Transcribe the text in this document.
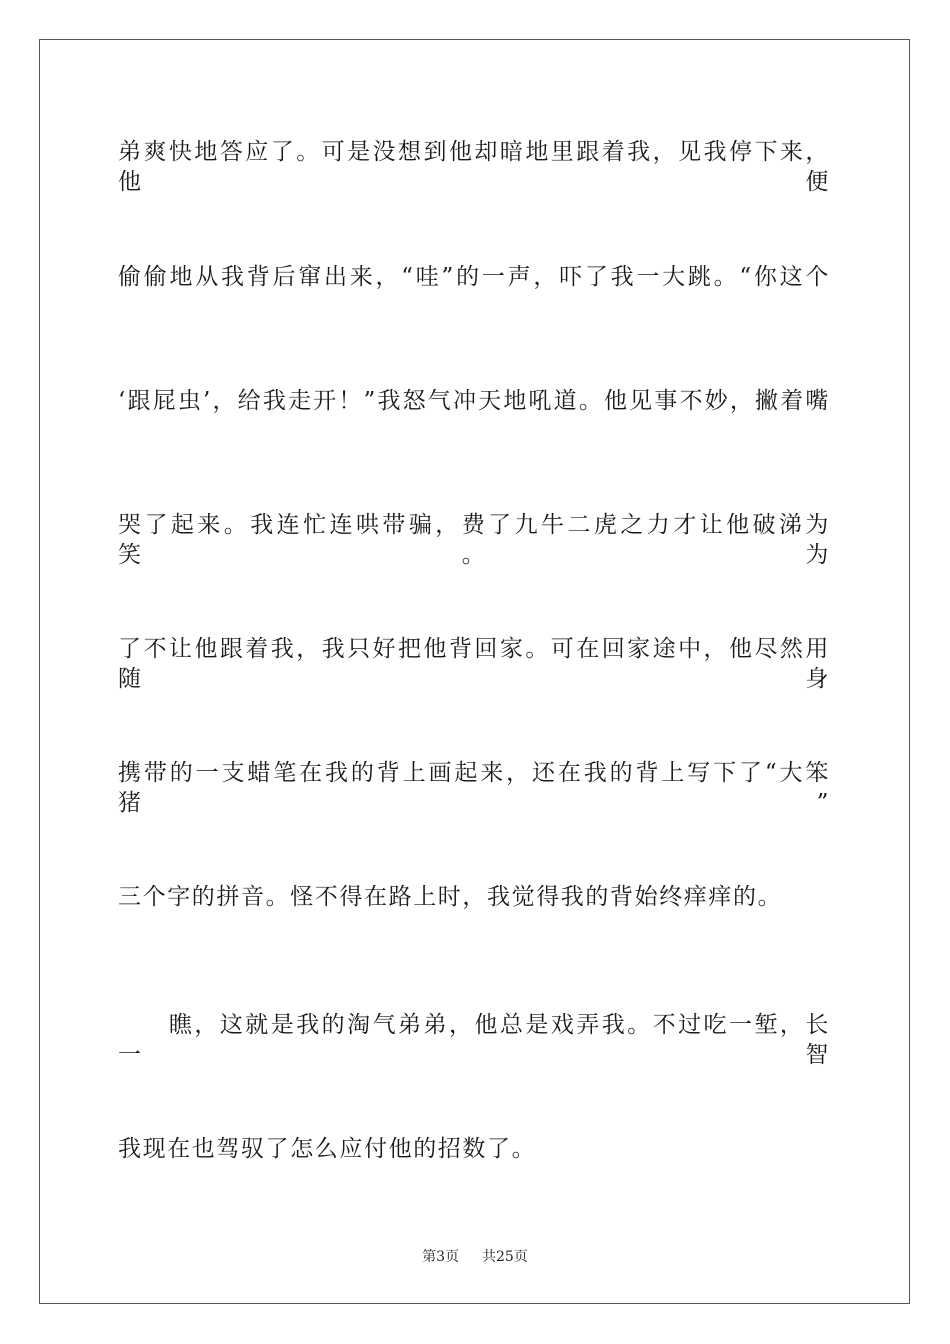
弟爽快地答应了。可是没想到他却暗地里跟着我，见我停下来，他便
偷偷地从我背后窜出来，“哇”的一声，吓了我一大跳。“你这个
‘跟屁虫’，给我走开！”我怒气冲天地吼道。他见事不妙，撇着嘴
哭了起来。我连忙连哄带骗，费了九牛二虎之力才让他破涕为笑。为
了不让他跟着我，我只好把他背回家。可在回家途中，他尽然用随身
携带的一支蜡笔在我的背上画起来，还在我的背上写下了“大笨猪”
三个字的拼音。怪不得在路上时，我觉得我的背始终痒痒的。
　　瞧，这就是我的淘气弟弟，他总是戏弄我。不过吃一堑，长一智
我现在也驾驭了怎么应付他的招数了。
第3页 共25页
